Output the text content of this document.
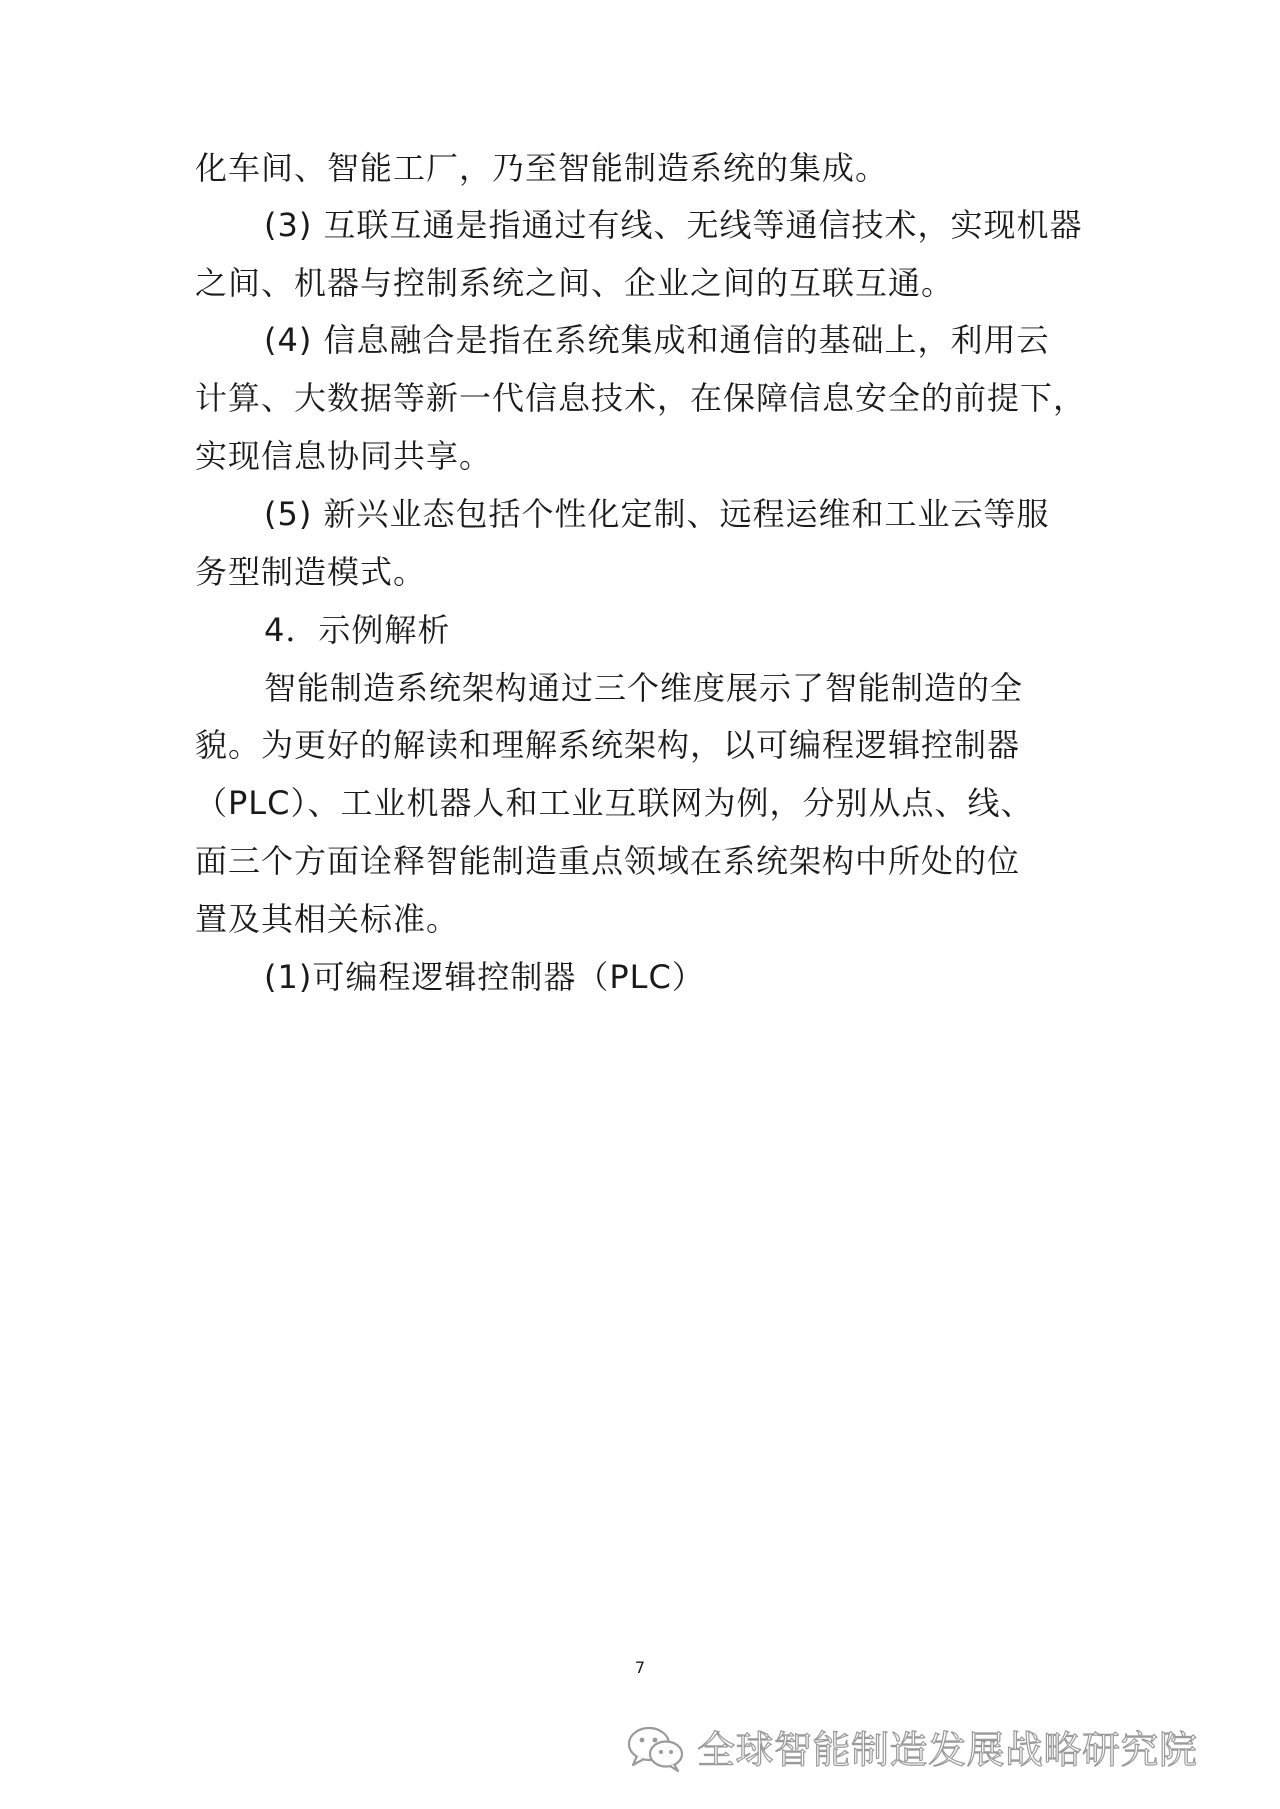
化车间、智能工厂，乃至智能制造系统的集成。
(3) 互联互通是指通过有线、无线等通信技术，实现机器
之间、机器与控制系统之间、企业之间的互联互通。
(4) 信息融合是指在系统集成和通信的基础上，利用云
计算、大数据等新一代信息技术，在保障信息安全的前提下，
实现信息协同共享。
(5) 新兴业态包括个性化定制、远程运维和工业云等服
务型制造模式。
4．示例解析
智能制造系统架构通过三个维度展示了智能制造的全
貌。为更好的解读和理解系统架构，以可编程逻辑控制器
（PLC）、工业机器人和工业互联网为例，分别从点、线、
面三个方面诠释智能制造重点领域在系统架构中所处的位
置及其相关标准。
(1)可编程逻辑控制器（PLC）
7
全球智能制造发展战略研究院
